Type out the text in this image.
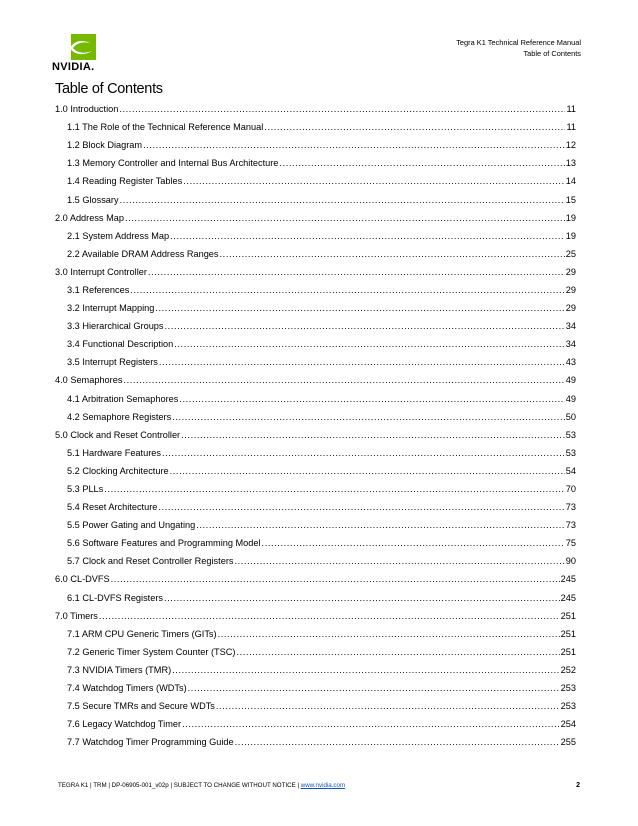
NVIDIA.
Tegra K1 Technical Reference Manual
Table of Contents
Table of Contents
1.0 Introduction .....	11
1.1 The Role of the Technical Reference Manual .....	11
1.2 Block Diagram .....	12
1.3 Memory Controller and Internal Bus Architecture .....	13
1.4 Reading Register Tables .....	14
1.5 Glossary .....	15
2.0 Address Map .....	19
2.1 System Address Map .....	19
2.2 Available DRAM Address Ranges .....	25
3.0 Interrupt Controller .....	29
3.1 References .....	29
3.2 Interrupt Mapping .....	29
3.3 Hierarchical Groups .....	34
3.4 Functional Description .....	34
3.5 Interrupt Registers .....	43
4.0 Semaphores .....	49
4.1 Arbitration Semaphores .....	49
4.2 Semaphore Registers .....	50
5.0 Clock and Reset Controller .....	53
5.1 Hardware Features .....	53
5.2 Clocking Architecture .....	54
5.3 PLLs .....	70
5.4 Reset Architecture .....	73
5.5 Power Gating and Ungating .....	73
5.6 Software Features and Programming Model .....	75
5.7 Clock and Reset Controller Registers .....	90
6.0 CL-DVFS .....	245
6.1 CL-DVFS Registers .....	245
7.0 Timers .....	251
7.1 ARM CPU Generic Timers (GITs) .....	251
7.2 Generic Timer System Counter (TSC) .....	251
7.3 NVIDIA Timers (TMR) .....	252
7.4 Watchdog Timers (WDTs) .....	253
7.5 Secure TMRs and Secure WDTs .....	253
7.6 Legacy Watchdog Timer .....	254
7.7 Watchdog Timer Programming Guide .....	255
TEGRA K1 | TRM | DP-06905-001_v02p | SUBJECT TO CHANGE WITHOUT NOTICE | www.nvidia.com	2
